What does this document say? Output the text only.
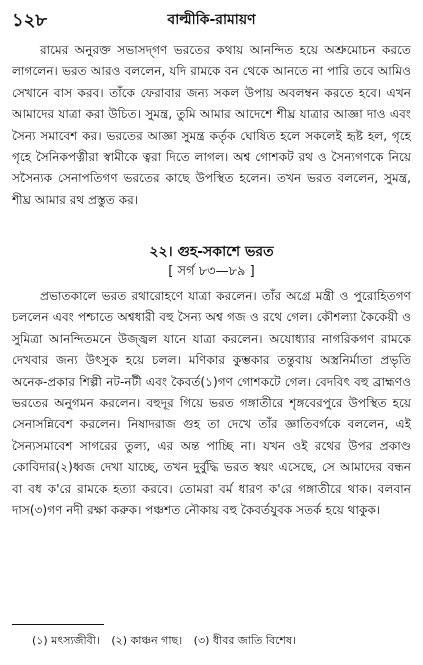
১২৮	বাল্মীকি-রামায়ণ

রামের অনুরক্ত সভাসদ্‌গণ ভরতের কথায় আনন্দিত হয়ে অশ্রুমোচন করতে লাগলেন। ভরত আরও বললেন, যদি রামকে বন থেকে আনতে না পারি তবে আমিও সেখানে বাস করব। তাঁকে ফেরাবার জন্য সকল উপায় অবলম্বন করতে হবে। এখন আমাদের যাত্রা করা উচিত। সুমন্ত্র, তুমি আমার আদেশে শীঘ্র যাত্রার আজ্ঞা দাও এবং সৈন্য সমাবেশ কর। ভরতের আজ্ঞা সুমন্ত্র কর্তৃক ঘোষিত হলে সকলেই হৃষ্ট হল, গৃহে গৃহে সৈনিকপত্নীরা স্বামীকে ত্বরা দিতে লাগল। অশ্ব গোশকট রথ ও সৈন্যগণকে নিয়ে সসৈন্যক সেনাপতিগণ ভরতের কাছে উপস্থিত হলেন। তখন ভরত বললেন, সুমন্ত্র, শীঘ্র আমার রথ প্রস্তুত কর।

২২। গুহ-সকাশে ভরত
[ সর্গ ৮৩—৮৯ ]

প্রভাতকালে ভরত রথারোহণে যাত্রা করলেন। তাঁর অগ্রে মন্ত্রী ও পুরোহিতগণ চললেন এবং পশ্চাতে অশ্বধারী বহু সৈন্য অশ্ব গজ ও রথে গেল। কৌশল্যা কৈকেয়ী ও সুমিত্রা আনন্দিতমনে উজ্জ্বল যানে যাত্রা করলেন। অযোধ্যার নাগরিকগণ রামকে দেখবার জন্য উৎসুক হয়ে চলল। মণিকার কুম্ভকার তন্তুবায় অস্ত্রনির্মাতা প্রভৃতি অনেক-প্রকার শিল্পী নট-নটী এবং কৈবর্ত(১)গণ গোশকটে গেল। বেদবিৎ বহু ব্রাহ্মণও ভরতের অনুগমন করলেন। বহুদূর গিয়ে ভরত গঙ্গাতীরে শৃঙ্গবেরপুরে উপস্থিত হয়ে সেনাসন্নিবেশ করলেন। নিষাদরাজ গুহ তা দেখে তাঁর জ্ঞাতিবর্গকে বললেন, এই সৈন্যসমাবেশ সাগরের তুল্য, এর অন্ত পাচ্ছি না। যখন ওই রথের উপর প্রকাণ্ড কোবিদার(২)ধ্বজ দেখা যাচ্ছে, তখন দুর্বুদ্ধি ভরত স্বয়ং এসেছে, সে আমাদের বন্ধন বা বধ ক'রে রামকে হত্যা করবে। তোমরা বর্ম ধারণ ক'রে গঙ্গাতীরে থাক। বলবান দাস(৩)গণ নদী রক্ষা করুক। পঞ্চশত নৌকায় বহু কৈবর্তযুবক সতর্ক হয়ে থাকুক।

(১) মৎস্যজীবী। (২) কাঞ্চন গাছ। (৩) ধীবর জাতি বিশেষ।
